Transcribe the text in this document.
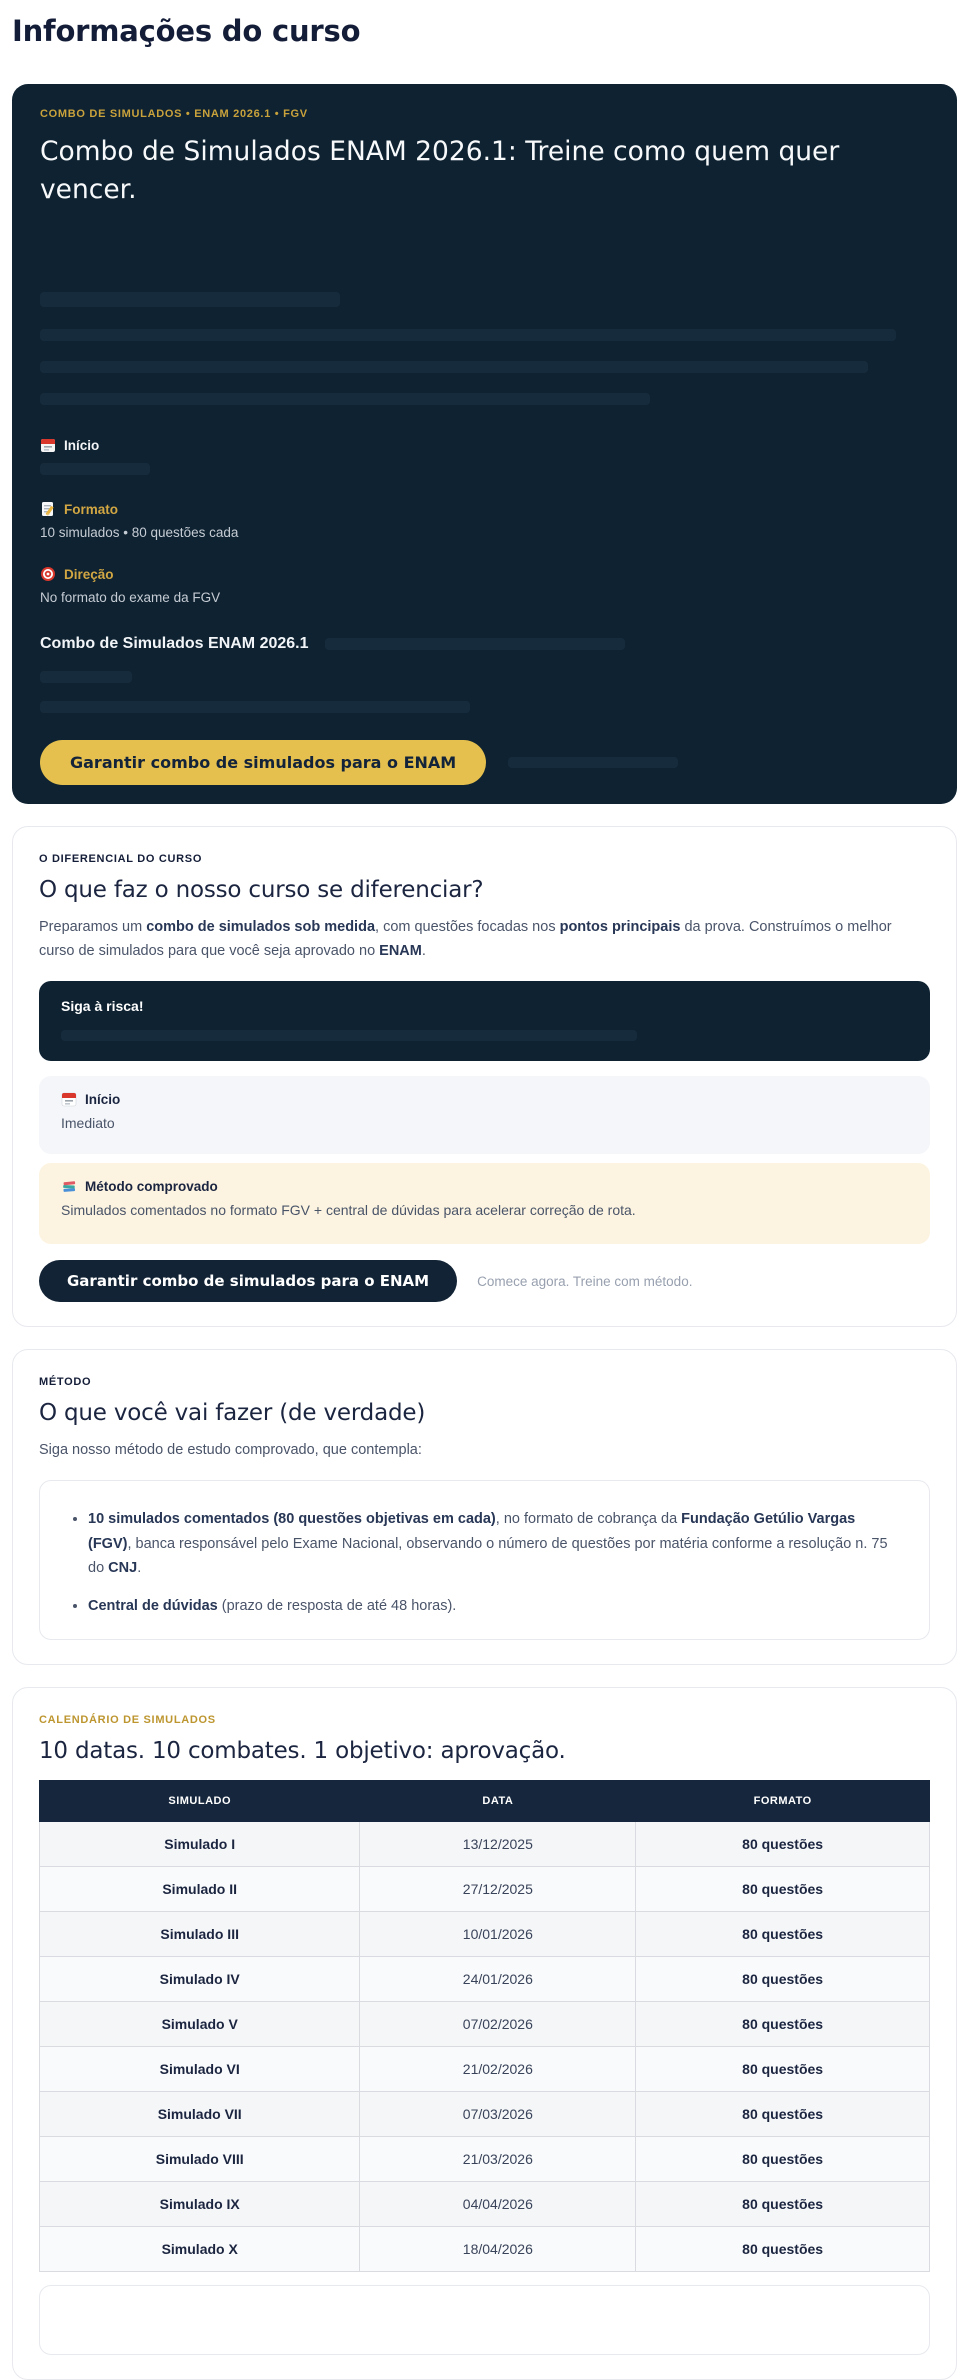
Informações do curso
COMBO DE SIMULADOS • ENAM 2026.1 • FGV
Combo de Simulados ENAM 2026.1: Treine como quem quer vencer.
Início
Formato
10 simulados • 80 questões cada
Direção
No formato do exame da FGV
Combo de Simulados ENAM 2026.1
Garantir combo de simulados para o ENAM
O DIFERENCIAL DO CURSO
O que faz o nosso curso se diferenciar?

Preparamos um combo de simulados sob medida, com questões focadas nos pontos principais da prova. Construímos o melhor curso de simulados para que você seja aprovado no ENAM.

Siga à risca!
Início
Imediato
Método comprovado
Simulados comentados no formato FGV + central de dúvidas para acelerar correção de rota.
Garantir combo de simulados para o ENAM	Comece agora. Treine com método.
MÉTODO
O que você vai fazer (de verdade)

Siga nosso método de estudo comprovado, que contempla:

• 10 simulados comentados (80 questões objetivas em cada), no formato de cobrança da Fundação Getúlio Vargas (FGV), banca responsável pelo Exame Nacional, observando o número de questões por matéria conforme a resolução n. 75 do CNJ.
• Central de dúvidas (prazo de resposta de até 48 horas).
CALENDÁRIO DE SIMULADOS
10 datas. 10 combates. 1 objetivo: aprovação.
SIMULADO	DATA	FORMATO
Simulado I	13/12/2025	80 questões
Simulado II	27/12/2025	80 questões
Simulado III	10/01/2026	80 questões
Simulado IV	24/01/2026	80 questões
Simulado V	07/02/2026	80 questões
Simulado VI	21/02/2026	80 questões
Simulado VII	07/03/2026	80 questões
Simulado VIII	21/03/2026	80 questões
Simulado IX	04/04/2026	80 questões
Simulado X	18/04/2026	80 questões
